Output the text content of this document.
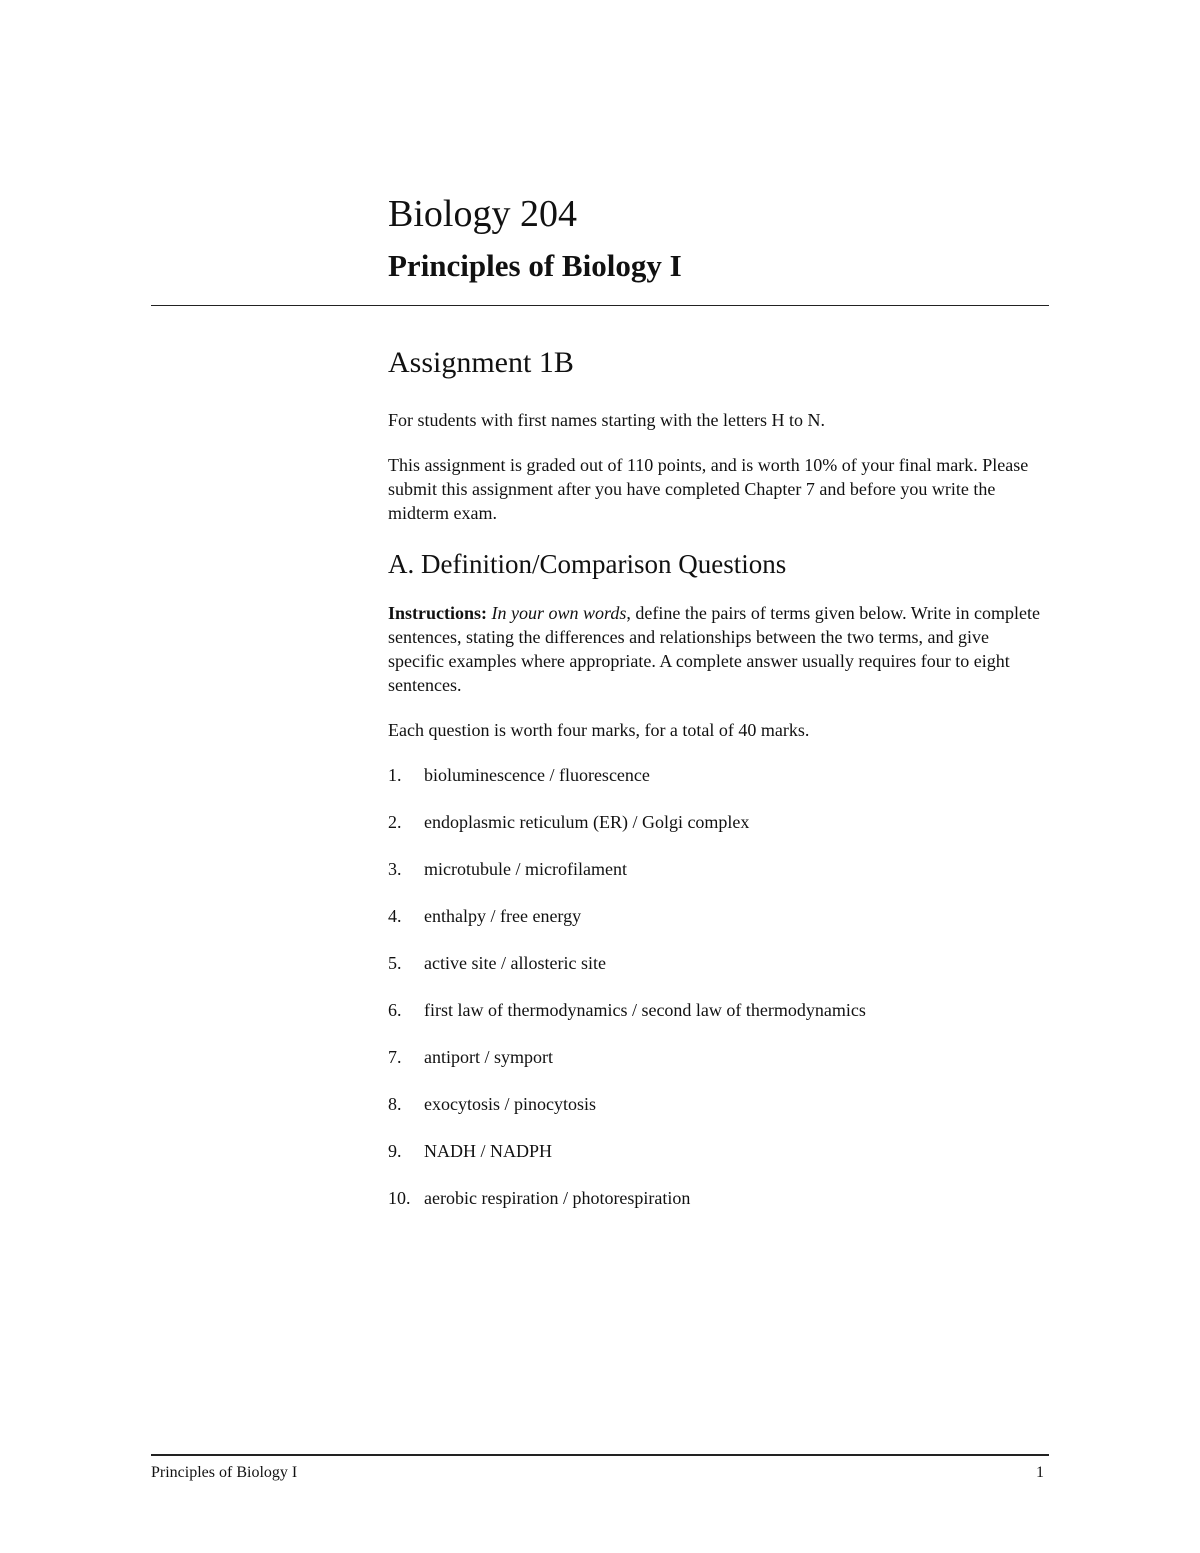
Biology 204
Principles of Biology I
Assignment 1B

For students with first names starting with the letters H to N.

This assignment is graded out of 110 points, and is worth 10% of your final mark. Please submit this assignment after you have completed Chapter 7 and before you write the midterm exam.

A. Definition/Comparison Questions

Instructions: In your own words, define the pairs of terms given below. Write in complete sentences, stating the differences and relationships between the two terms, and give specific examples where appropriate. A complete answer usually requires four to eight sentences.

Each question is worth four marks, for a total of 40 marks.

1.	bioluminescence / fluorescence
2.	endoplasmic reticulum (ER) / Golgi complex
3.	microtubule / microfilament
4.	enthalpy / free energy
5.	active site / allosteric site
6.	first law of thermodynamics / second law of thermodynamics
7.	antiport / symport
8.	exocytosis / pinocytosis
9.	NADH / NADPH
10. aerobic respiration / photorespiration
Principles of Biology I	1
